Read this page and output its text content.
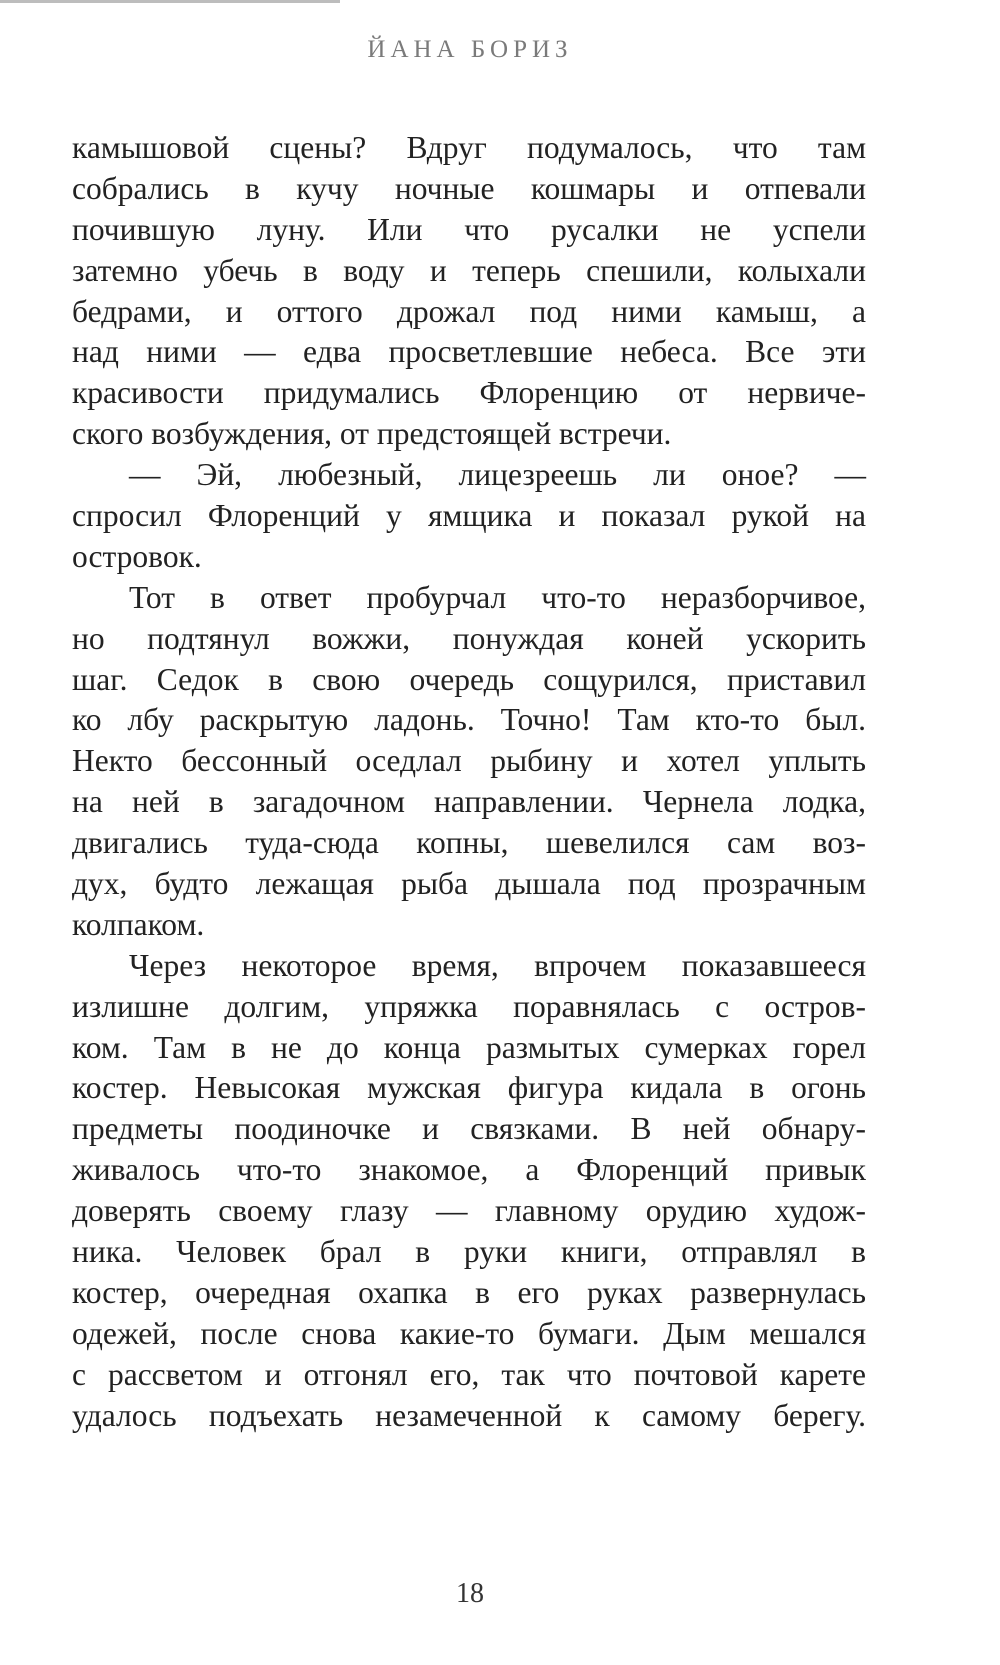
ЙАНА БОРИЗ
камышовой сцены? Вдруг подумалось, что там
собрались в кучу ночные кошмары и отпевали
почившую луну. Или что русалки не успели
затемно убечь в воду и теперь спешили, колыхали
бедрами, и оттого дрожал под ними камыш, а
над ними — едва просветлевшие небеса. Все эти
красивости придумались Флоренцию от нервиче-
ского возбуждения, от предстоящей встречи.
— Эй, любезный, лицезреешь ли оное? —
спросил Флоренций у ямщика и показал рукой на
островок.
Тот в ответ пробурчал что-то неразборчивое,
но подтянул вожжи, понуждая коней ускорить
шаг. Седок в свою очередь сощурился, приставил
ко лбу раскрытую ладонь. Точно! Там кто-то был.
Некто бессонный оседлал рыбину и хотел уплыть
на ней в загадочном направлении. Чернела лодка,
двигались туда-сюда копны, шевелился сам воз-
дух, будто лежащая рыба дышала под прозрачным
колпаком.
Через некоторое время, впрочем показавшееся
излишне долгим, упряжка поравнялась с остров-
ком. Там в не до конца размытых сумерках горел
костер. Невысокая мужская фигура кидала в огонь
предметы поодиночке и связками. В ней обнару-
живалось что-то знакомое, а Флоренций привык
доверять своему глазу — главному орудию худож-
ника. Человек брал в руки книги, отправлял в
костер, очередная охапка в его руках развернулась
одежей, после снова какие-то бумаги. Дым мешался
с рассветом и отгонял его, так что почтовой карете
удалось подъехать незамеченной к самому берегу.
18
